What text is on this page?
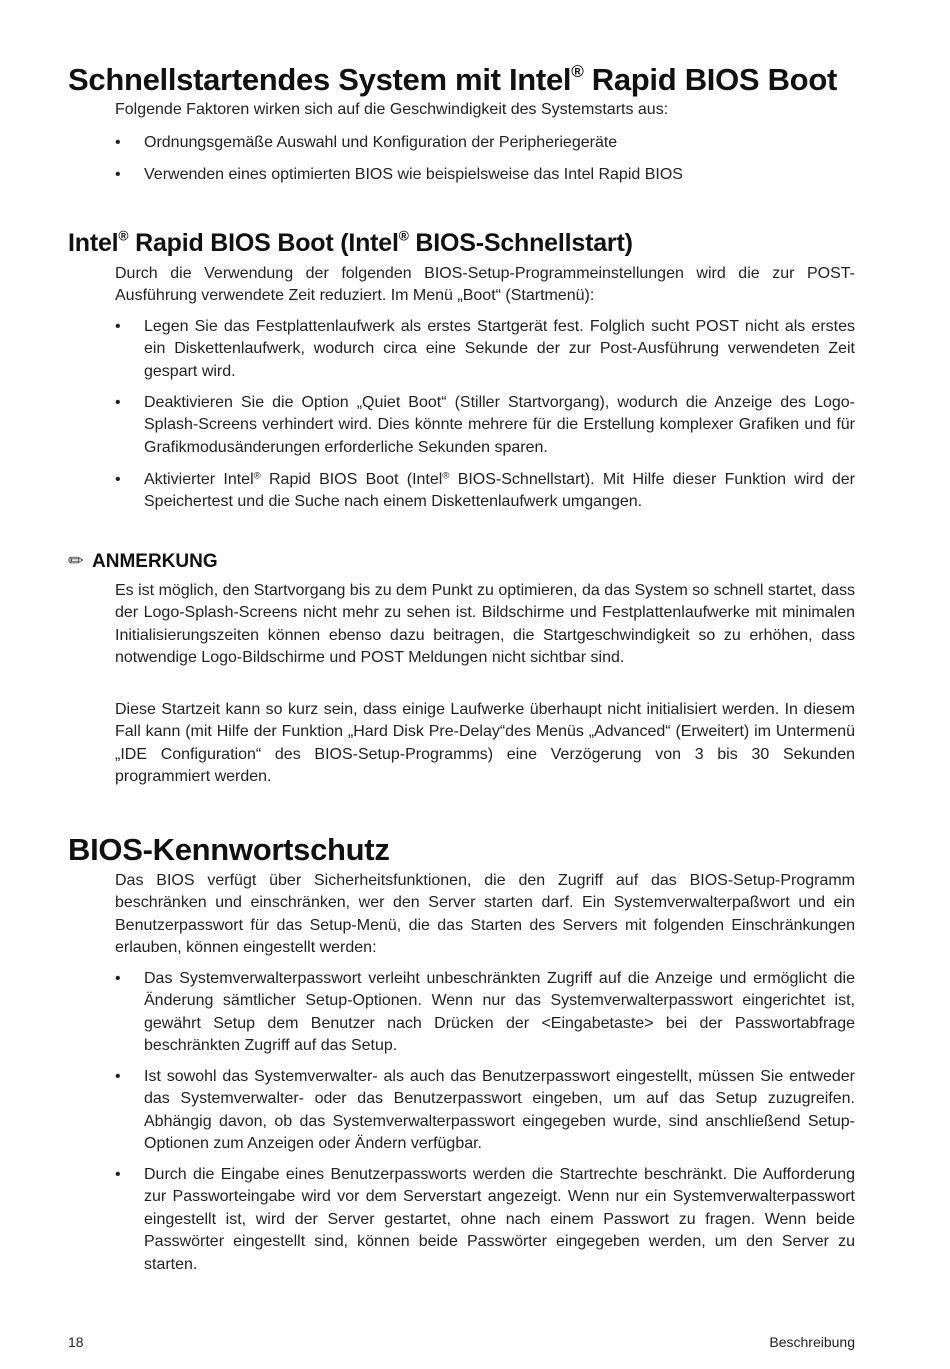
Schnellstartendes System mit Intel® Rapid BIOS Boot

Folgende Faktoren wirken sich auf die Geschwindigkeit des Systemstarts aus:

•	Ordnungsgemäße Auswahl und Konfiguration der Peripheriegeräte
•	Verwenden eines optimierten BIOS wie beispielsweise das Intel Rapid BIOS
Intel® Rapid BIOS Boot (Intel® BIOS-Schnellstart)

Durch die Verwendung der folgenden BIOS-Setup-Programmeinstellungen wird die zur POST-Ausführung verwendete Zeit reduziert. Im Menü „Boot“ (Startmenü):

•	Legen Sie das Festplattenlaufwerk als erstes Startgerät fest. Folglich sucht POST nicht als erstes ein Diskettenlaufwerk, wodurch circa eine Sekunde der zur Post-Ausführung verwendeten Zeit gespart wird.
•	Deaktivieren Sie die Option „Quiet Boot“ (Stiller Startvorgang), wodurch die Anzeige des Logo-Splash-Screens verhindert wird. Dies könnte mehrere für die Erstellung komplexer Grafiken und für Grafikmodusänderungen erforderliche Sekunden sparen.
•	Aktivierter Intel® Rapid BIOS Boot (Intel® BIOS-Schnellstart). Mit Hilfe dieser Funktion wird der Speichertest und die Suche nach einem Diskettenlaufwerk umgangen.
✏ ANMERKUNG

Es ist möglich, den Startvorgang bis zu dem Punkt zu optimieren, da das System so schnell startet, dass der Logo-Splash-Screens nicht mehr zu sehen ist. Bildschirme und Festplattenlaufwerke mit minimalen Initialisierungszeiten können ebenso dazu beitragen, die Startgeschwindigkeit so zu erhöhen, dass notwendige Logo-Bildschirme und POST Meldungen nicht sichtbar sind.

Diese Startzeit kann so kurz sein, dass einige Laufwerke überhaupt nicht initialisiert werden. In diesem Fall kann (mit Hilfe der Funktion „Hard Disk Pre-Delay“des Menüs „Advanced“ (Erweitert) im Untermenü „IDE Configuration“ des BIOS-Setup-Programms) eine Verzögerung von 3 bis 30 Sekunden programmiert werden.

BIOS-Kennwortschutz

Das BIOS verfügt über Sicherheitsfunktionen, die den Zugriff auf das BIOS-Setup-Programm beschränken und einschränken, wer den Server starten darf. Ein Systemverwalterpaßwort und ein Benutzerpasswort für das Setup-Menü, die das Starten des Servers mit folgenden Einschränkungen erlauben, können eingestellt werden:

•	Das Systemverwalterpasswort verleiht unbeschränkten Zugriff auf die Anzeige und ermöglicht die Änderung sämtlicher Setup-Optionen. Wenn nur das Systemverwalterpasswort eingerichtet ist, gewährt Setup dem Benutzer nach Drücken der <Eingabetaste> bei der Passwortabfrage beschränkten Zugriff auf das Setup.
•	Ist sowohl das Systemverwalter- als auch das Benutzerpasswort eingestellt, müssen Sie entweder das Systemverwalter- oder das Benutzerpasswort eingeben, um auf das Setup zuzugreifen. Abhängig davon, ob das Systemverwalterpasswort eingegeben wurde, sind anschließend Setup-Optionen zum Anzeigen oder Ändern verfügbar.
•	Durch die Eingabe eines Benutzerpassworts werden die Startrechte beschränkt. Die Aufforderung zur Passworteingabe wird vor dem Serverstart angezeigt. Wenn nur ein Systemverwalterpasswort eingestellt ist, wird der Server gestartet, ohne nach einem Passwort zu fragen. Wenn beide Passwörter eingestellt sind, können beide Passwörter eingegeben werden, um den Server zu starten.
18	Beschreibung
